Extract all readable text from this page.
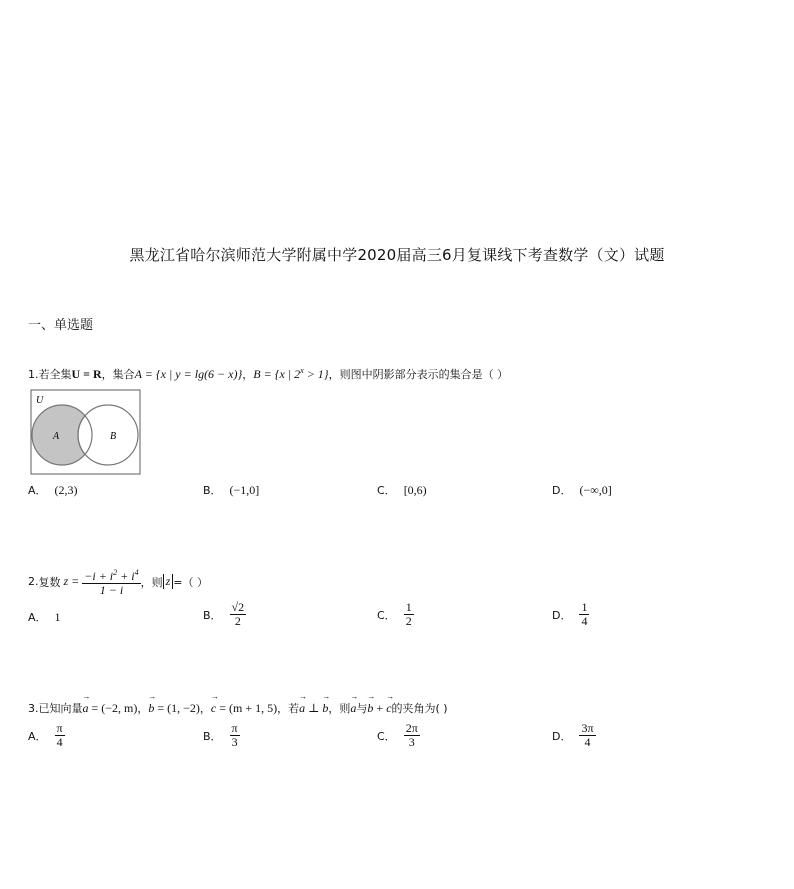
黑龙江省哈尔滨师范大学附属中学2020届高三6月复课线下考查数学（文）试题
一、单选题
1. 若全集 U = R ，集合 A = {x | y = lg(6 − x)} ， B = {x | $2^x > 1$} ，则图中阴影部分表示的集合是（ ）
U
A	B
A． (2,3)	B． (−1,0]	C． [0,6)	D． (−∞,0]
2. 复数 $z = \frac{-i + i^2 + i^4}{1 - i}$ ，则 z =（ ）
A． 1	B． $\frac{√2}{2}$	C． $\frac{1}{2}$	D． $\frac{1}{4}$
3. 已知向量 → a = (−2, m) ， → b = (1, −2) ， → c = (m + 1, 5) ，若 → a ⊥ → b ，则 → a 与 → b + → c 的夹角为( )
A． $\frac{\pi}{4}$	B． $\frac{\pi}{3}$	C． $\frac{2\pi}{3}$	D． $\frac{3\pi}{4}$
